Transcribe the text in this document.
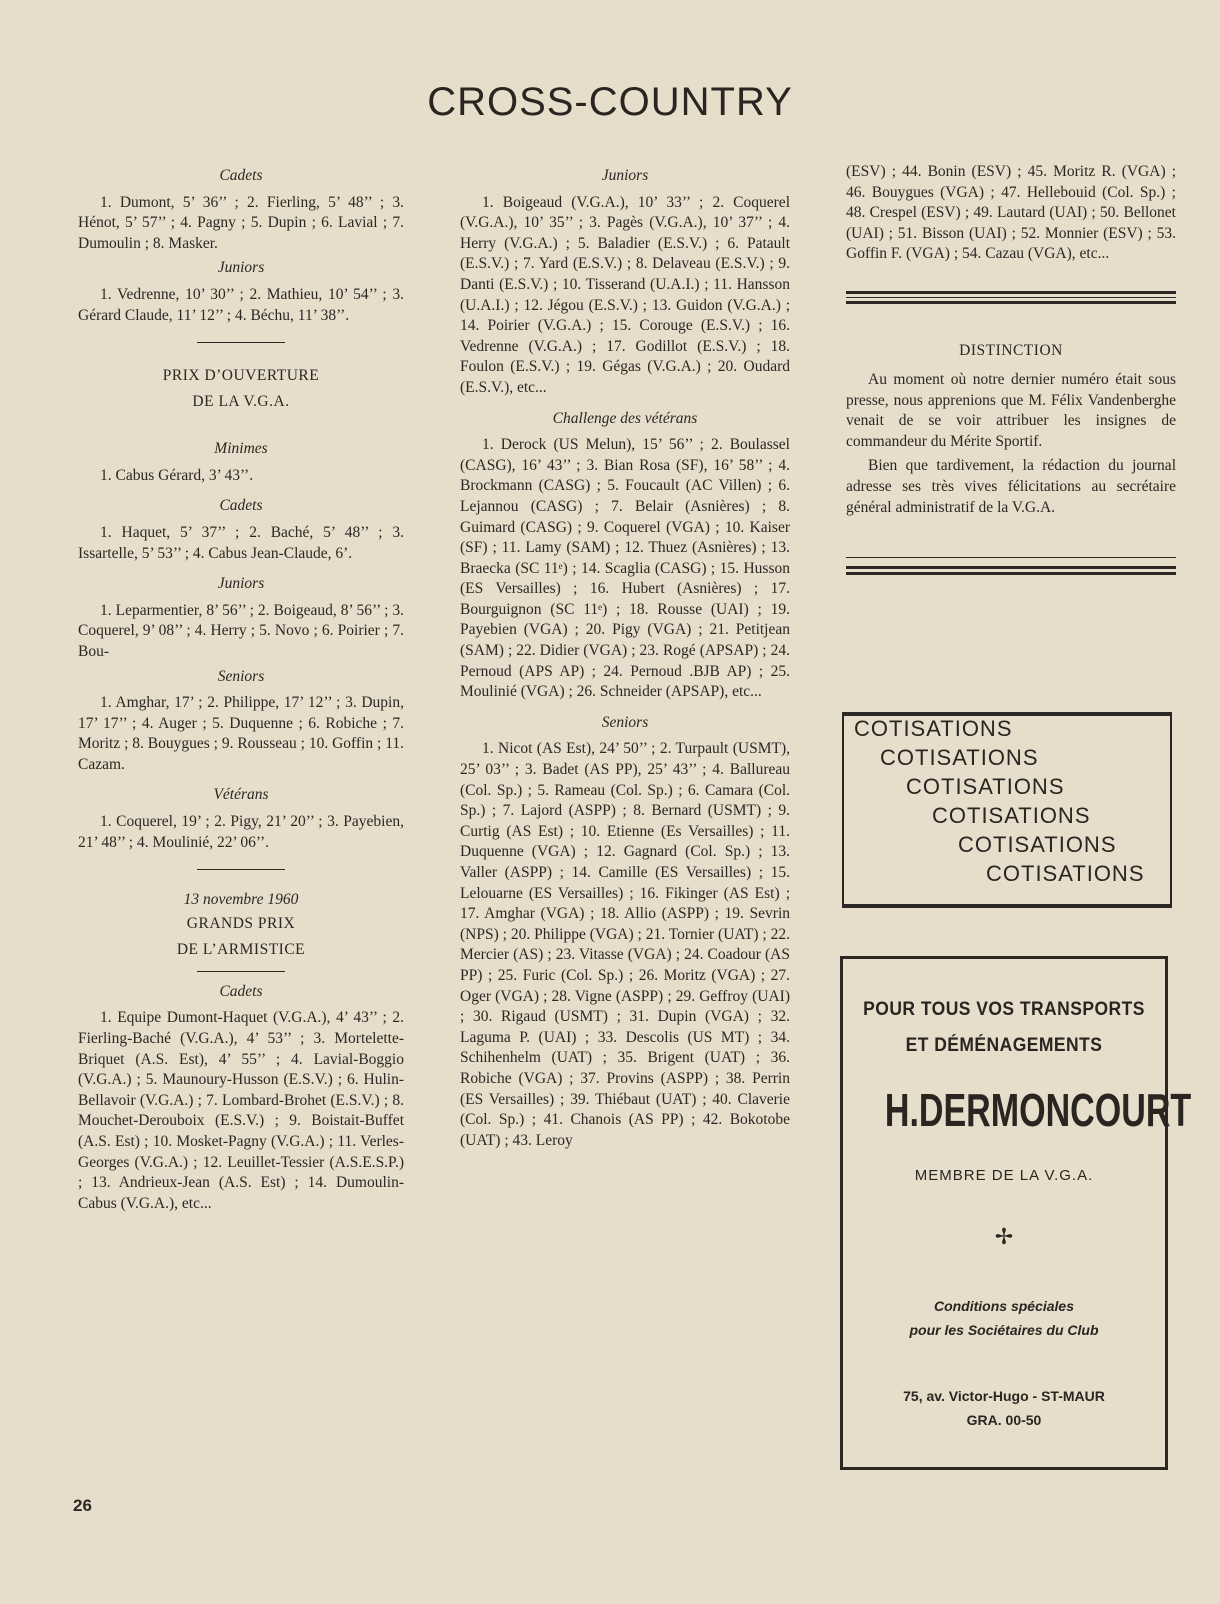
CROSS-COUNTRY
Cadets

1. Dumont, 5’ 36’’ ; 2. Fierling, 5’ 48’’ ; 3. Hénot, 5’ 57’’ ; 4. Pagny ; 5. Dupin ; 6. Lavial ; 7. Dumoulin ; 8. Masker.

Juniors

1. Vedrenne, 10’ 30’’ ; 2. Mathieu, 10’ 54’’ ; 3. Gérard Claude, 11’ 12’’ ; 4. Béchu, 11’ 38’’.

PRIX D’OUVERTURE
DE LA V.G.A.
Minimes

1. Cabus Gérard, 3’ 43’’.

Cadets

1. Haquet, 5’ 37’’ ; 2. Baché, 5’ 48’’ ; 3. Issartelle, 5’ 53’’ ; 4. Cabus Jean-Claude, 6’.

Juniors

1. Leparmentier, 8’ 56’’ ; 2. Boigeaud, 8’ 56’’ ; 3. Coquerel, 9’ 08’’ ; 4. Herry ; 5. Novo ; 6. Poirier ; 7. Bou-

Seniors

1. Amghar, 17’ ; 2. Philippe, 17’ 12’’ ; 3. Dupin, 17’ 17’’ ; 4. Auger ; 5. Duquenne ; 6. Robiche ; 7. Moritz ; 8. Bouygues ; 9. Rousseau ; 10. Goffin ; 11. Cazam.

Vétérans

1. Coquerel, 19’ ; 2. Pigy, 21’ 20’’ ; 3. Payebien, 21’ 48’’ ; 4. Moulinié, 22’ 06’’.

13 novembre 1960
GRANDS PRIX
DE L’ARMISTICE
Cadets

1. Equipe Dumont-Haquet (V.G.A.), 4’ 43’’ ; 2. Fierling-Baché (V.G.A.), 4’ 53’’ ; 3. Mortelette-Briquet (A.S. Est), 4’ 55’’ ; 4. Lavial-Boggio (V.G.A.) ; 5. Maunoury-Husson (E.S.V.) ; 6. Hulin-Bellavoir (V.G.A.) ; 7. Lombard-Brohet (E.S.V.) ; 8. Mouchet-Derouboix (E.S.V.) ; 9. Boistait-Buffet (A.S. Est) ; 10. Mosket-Pagny (V.G.A.) ; 11. Verles-Georges (V.G.A.) ; 12. Leuillet-Tessier (A.S.E.S.P.) ; 13. Andrieux-Jean (A.S. Est) ; 14. Dumoulin-Cabus (V.G.A.), etc...

Juniors

1. Boigeaud (V.G.A.), 10’ 33’’ ; 2. Coquerel (V.G.A.), 10’ 35’’ ; 3. Pagès (V.G.A.), 10’ 37’’ ; 4. Herry (V.G.A.) ; 5. Baladier (E.S.V.) ; 6. Patault (E.S.V.) ; 7. Yard (E.S.V.) ; 8. Delaveau (E.S.V.) ; 9. Danti (E.S.V.) ; 10. Tisserand (U.A.I.) ; 11. Hansson (U.A.I.) ; 12. Jégou (E.S.V.) ; 13. Guidon (V.G.A.) ; 14. Poirier (V.G.A.) ; 15. Corouge (E.S.V.) ; 16. Vedrenne (V.G.A.) ; 17. Godillot (E.S.V.) ; 18. Foulon (E.S.V.) ; 19. Gégas (V.G.A.) ; 20. Oudard (E.S.V.), etc...

Challenge des vétérans

1. Derock (US Melun), 15’ 56’’ ; 2. Boulassel (CASG), 16’ 43’’ ; 3. Bian Rosa (SF), 16’ 58’’ ; 4. Brockmann (CASG) ; 5. Foucault (AC Villen) ; 6. Lejannou (CASG) ; 7. Belair (Asnières) ; 8. Guimard (CASG) ; 9. Coquerel (VGA) ; 10. Kaiser (SF) ; 11. Lamy (SAM) ; 12. Thuez (Asnières) ; 13. Braecka (SC 11ᵉ) ; 14. Scaglia (CASG) ; 15. Husson (ES Versailles) ; 16. Hubert (Asnières) ; 17. Bourguignon (SC 11ᵉ) ; 18. Rousse (UAI) ; 19. Payebien (VGA) ; 20. Pigy (VGA) ; 21. Petitjean (SAM) ; 22. Didier (VGA) ; 23. Rogé (APSAP) ; 24. Pernoud (APS AP) ; 24. Pernoud .BJB AP) ; 25. Moulinié (VGA) ; 26. Schneider (APSAP), etc...

Seniors

1. Nicot (AS Est), 24’ 50’’ ; 2. Turpault (USMT), 25’ 03’’ ; 3. Badet (AS PP), 25’ 43’’ ; 4. Ballureau (Col. Sp.) ; 5. Rameau (Col. Sp.) ; 6. Camara (Col. Sp.) ; 7. Lajord (ASPP) ; 8. Bernard (USMT) ; 9. Curtig (AS Est) ; 10. Etienne (Es Versailles) ; 11. Duquenne (VGA) ; 12. Gagnard (Col. Sp.) ; 13. Valler (ASPP) ; 14. Camille (ES Versailles) ; 15. Lelouarne (ES Versailles) ; 16. Fikinger (AS Est) ; 17. Amghar (VGA) ; 18. Allio (ASPP) ; 19. Sevrin (NPS) ; 20. Philippe (VGA) ; 21. Tornier (UAT) ; 22. Mercier (AS) ; 23. Vitasse (VGA) ; 24. Coadour (AS PP) ; 25. Furic (Col. Sp.) ; 26. Moritz (VGA) ; 27. Oger (VGA) ; 28. Vigne (ASPP) ; 29. Geffroy (UAI) ; 30. Rigaud (USMT) ; 31. Dupin (VGA) ; 32. Laguma P. (UAI) ; 33. Descolis (US MT) ; 34. Schihenhelm (UAT) ; 35. Brigent (UAT) ; 36. Robiche (VGA) ; 37. Provins (ASPP) ; 38. Perrin (ES Versailles) ; 39. Thiébaut (UAT) ; 40. Claverie (Col. Sp.) ; 41. Chanois (AS PP) ; 42. Bokotobe (UAT) ; 43. Leroy

(ESV) ; 44. Bonin (ESV) ; 45. Moritz R. (VGA) ; 46. Bouygues (VGA) ; 47. Hellebouid (Col. Sp.) ; 48. Crespel (ESV) ; 49. Lautard (UAI) ; 50. Bellonet (UAI) ; 51. Bisson (UAI) ; 52. Monnier (ESV) ; 53. Goffin F. (VGA) ; 54. Cazau (VGA), etc...

DISTINCTION

Au moment où notre dernier numéro était sous presse, nous apprenions que M. Félix Vandenberghe venait de se voir attribuer les insignes de commandeur du Mérite Sportif.

Bien que tardivement, la rédaction du journal adresse ses très vives félicitations au secrétaire général administratif de la V.G.A.

COTISATIONS
COTISATIONS
COTISATIONS
COTISATIONS
COTISATIONS
COTISATIONS
POUR TOUS VOS TRANSPORTS
ET DÉMÉNAGEMENTS
H.DERMONCOURT
MEMBRE DE LA V.G.A.
✢
Conditions spéciales
pour les Sociétaires du Club
75, av. Victor-Hugo - ST-MAUR
GRA. 00-50
26
